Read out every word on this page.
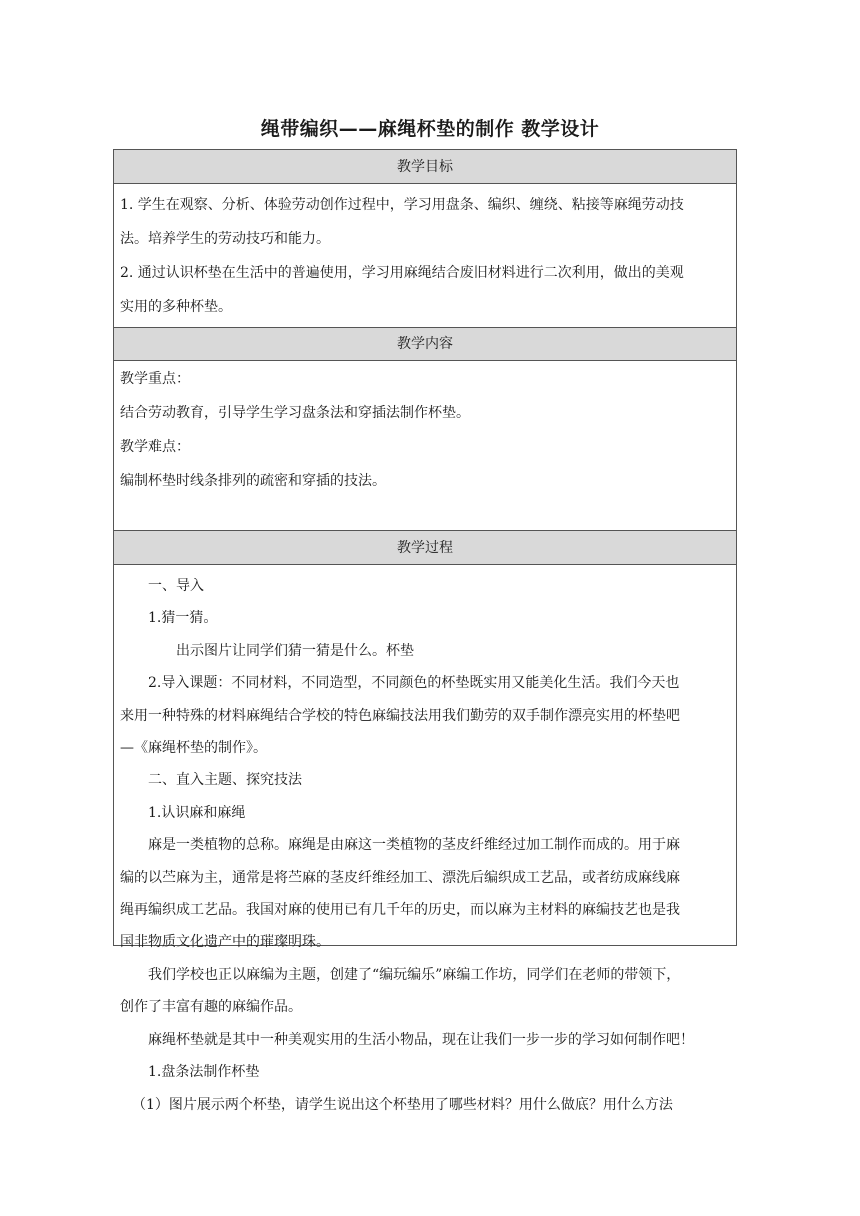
绳带编织——麻绳杯垫的制作 教学设计
教学目标

1. 学生在观察、分析、体验劳动创作过程中，学习用盘条、编织、缠绕、粘接等麻绳劳动技

法。培养学生的劳动技巧和能力。

2. 通过认识杯垫在生活中的普遍使用，学习用麻绳结合废旧材料进行二次利用，做出的美观

实用的多种杯垫。

教学内容

教学重点：

结合劳动教育，引导学生学习盘条法和穿插法制作杯垫。

教学难点：

编制杯垫时线条排列的疏密和穿插的技法。

教学过程

一、导入

1.猜一猜。

出示图片让同学们猜一猜是什么。杯垫

2.导入课题：不同材料，不同造型，不同颜色的杯垫既实用又能美化生活。我们今天也

来用一种特殊的材料麻绳结合学校的特色麻编技法用我们勤劳的双手制作漂亮实用的杯垫吧

—《麻绳杯垫的制作》。

二、直入主题、探究技法

1.认识麻和麻绳

麻是一类植物的总称。麻绳是由麻这一类植物的茎皮纤维经过加工制作而成的。用于麻

编的以苎麻为主，通常是将苎麻的茎皮纤维经加工、漂洗后编织成工艺品，或者纺成麻线麻

绳再编织成工艺品。我国对麻的使用已有几千年的历史，而以麻为主材料的麻编技艺也是我

国非物质文化遗产中的璀璨明珠。

我们学校也正以麻编为主题，创建了“编玩编乐”麻编工作坊，同学们在老师的带领下，

创作了丰富有趣的麻编作品。

麻绳杯垫就是其中一种美观实用的生活小物品，现在让我们一步一步的学习如何制作吧！

1.盘条法制作杯垫

（1）图片展示两个杯垫，请学生说出这个杯垫用了哪些材料？用什么做底？用什么方法
